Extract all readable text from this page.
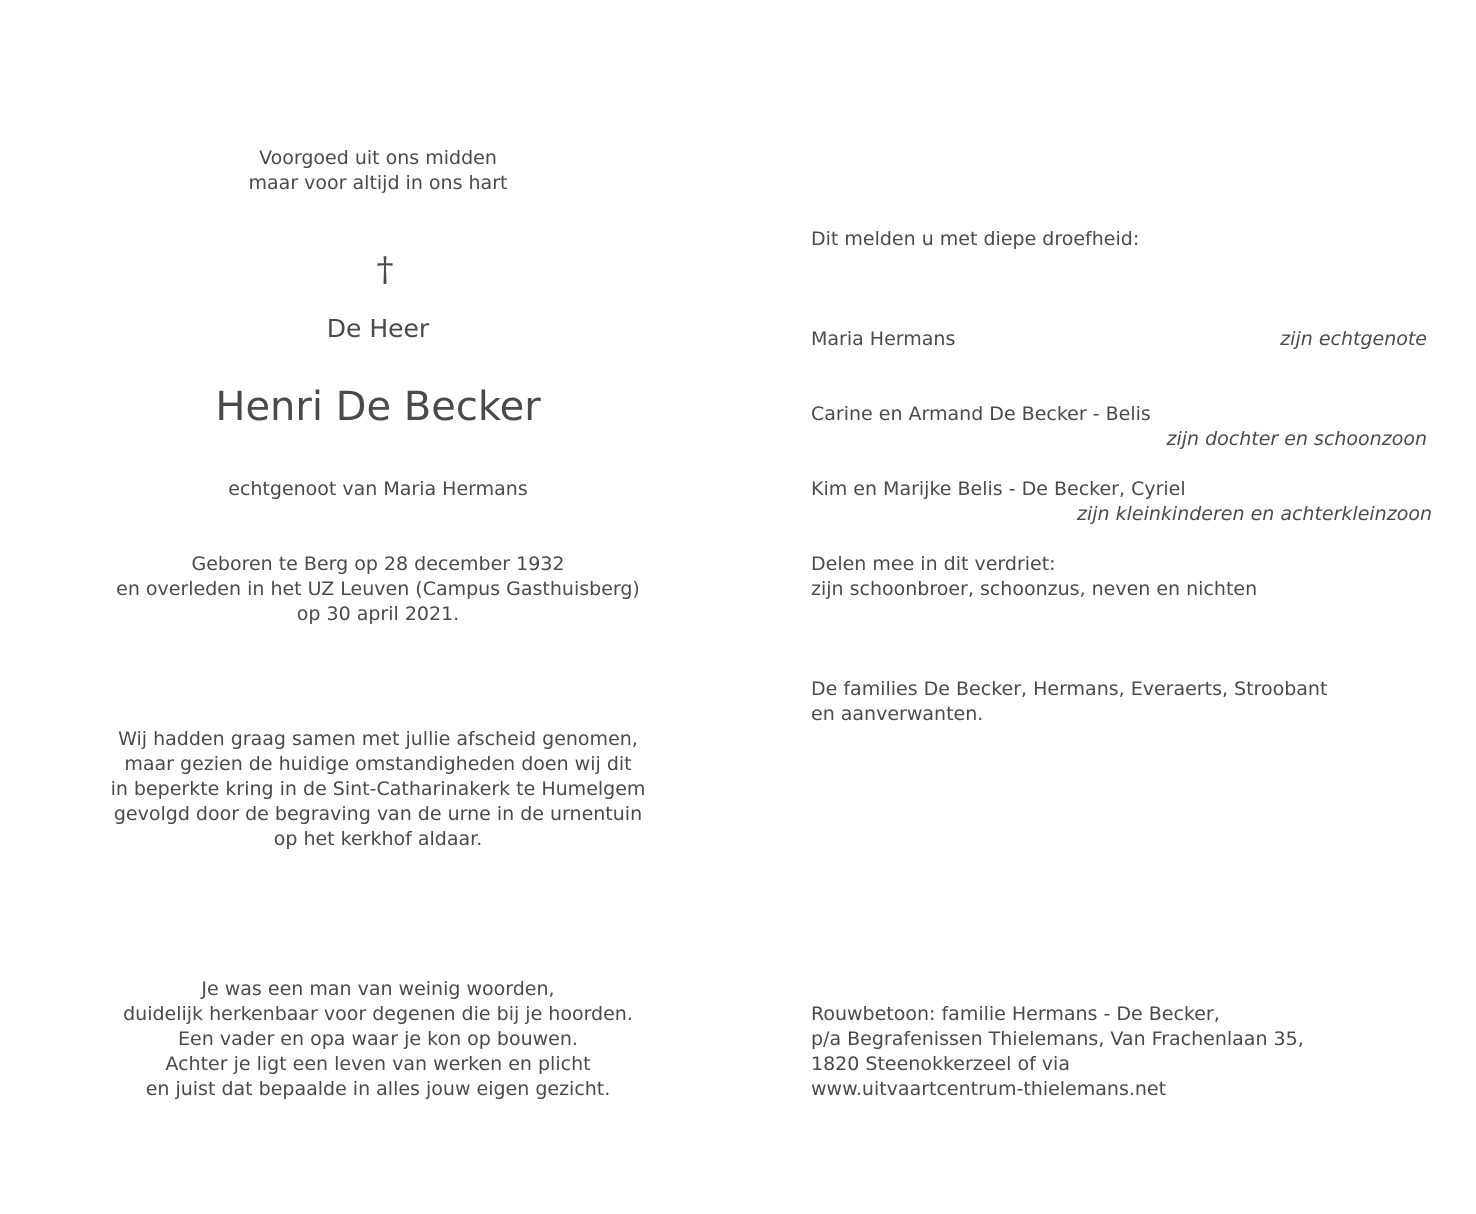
Voorgoed uit ons midden
maar voor altijd in ons hart
†
De Heer
Henri De Becker
echtgenoot van Maria Hermans
Geboren te Berg op 28 december 1932
en overleden in het UZ Leuven (Campus Gasthuisberg)
op 30 april 2021.
Wij hadden graag samen met jullie afscheid genomen,
maar gezien de huidige omstandigheden doen wij dit
in beperkte kring in de Sint-Catharinakerk te Humelgem
gevolgd door de begraving van de urne in de urnentuin
op het kerkhof aldaar.
Je was een man van weinig woorden,
duidelijk herkenbaar voor degenen die bij je hoorden.
Een vader en opa waar je kon op bouwen.
Achter je ligt een leven van werken en plicht
en juist dat bepaalde in alles jouw eigen gezicht.
Dit melden u met diepe droefheid:
Maria Hermans	zijn echtgenote
Carine en Armand De Becker - Belis
zijn dochter en schoonzoon
Kim en Marijke Belis - De Becker, Cyriel
zijn kleinkinderen en achterkleinzoon
Delen mee in dit verdriet:
zijn schoonbroer, schoonzus, neven en nichten
De families De Becker, Hermans, Everaerts, Stroobant
en aanverwanten.
Rouwbetoon: familie Hermans - De Becker,
p/a Begrafenissen Thielemans, Van Frachenlaan 35,
1820 Steenokkerzeel of via
www.uitvaartcentrum-thielemans.net
